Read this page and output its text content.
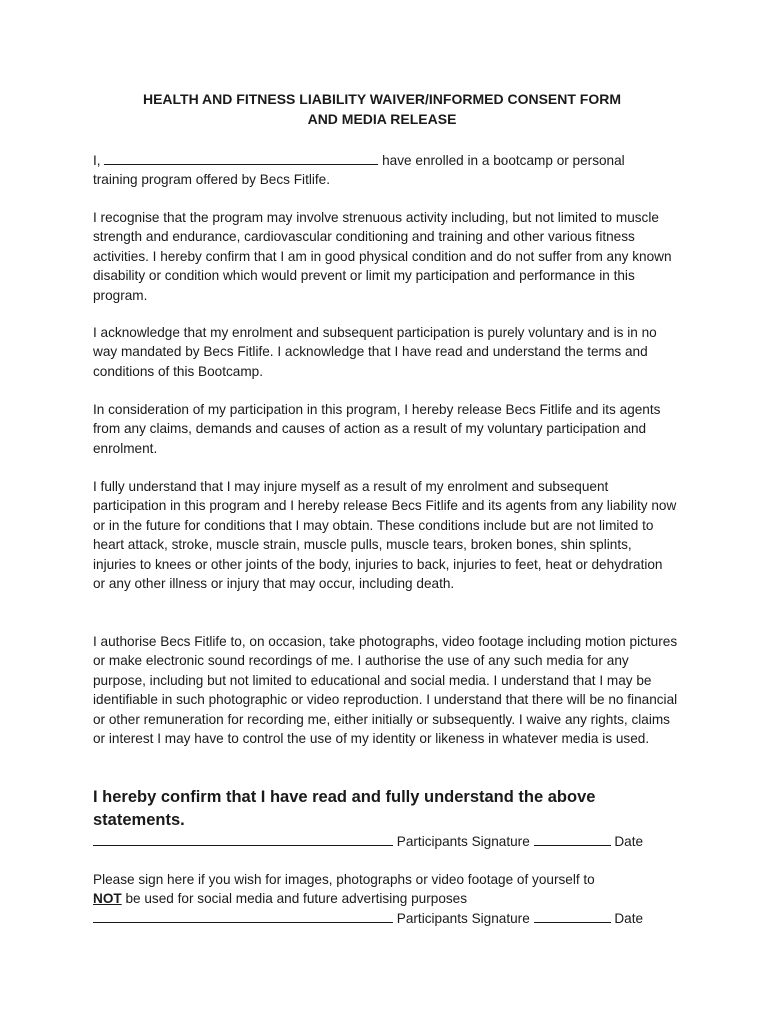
HEALTH AND FITNESS LIABILITY WAIVER/INFORMED CONSENT FORM
AND MEDIA RELEASE
I,	have enrolled in a bootcamp or personal
training program offered by Becs Fitlife.

I recognise that the program may involve strenuous activity including, but not limited to muscle strength and endurance, cardiovascular conditioning and training and other various fitness activities. I hereby confirm that I am in good physical condition and do not suffer from any known disability or condition which would prevent or limit my participation and performance in this program.

I acknowledge that my enrolment and subsequent participation is purely voluntary and is in no way mandated by Becs Fitlife. I acknowledge that I have read and understand the terms and conditions of this Bootcamp.

In consideration of my participation in this program, I hereby release Becs Fitlife and its agents from any claims, demands and causes of action as a result of my voluntary participation and enrolment.

I fully understand that I may injure myself as a result of my enrolment and subsequent participation in this program and I hereby release Becs Fitlife and its agents from any liability now or in the future for conditions that I may obtain. These conditions include but are not limited to heart attack, stroke, muscle strain, muscle pulls, muscle tears, broken bones, shin splints, injuries to knees or other joints of the body, injuries to back, injuries to feet, heat or dehydration or any other illness or injury that may occur, including death.

I authorise Becs Fitlife to, on occasion, take photographs, video footage including motion pictures or make electronic sound recordings of me. I authorise the use of any such media for any purpose, including but not limited to educational and social media. I understand that I may be identifiable in such photographic or video reproduction. I understand that there will be no financial or other remuneration for recording me, either initially or subsequently. I waive any rights, claims or interest I may have to control the use of my identity or likeness in whatever media is used.

I hereby confirm that I have read and fully understand the above statements.
Participants Signature	Date
Please sign here if you wish for images, photographs or video footage of yourself to
NOT be used for social media and future advertising purposes
Participants Signature	Date
